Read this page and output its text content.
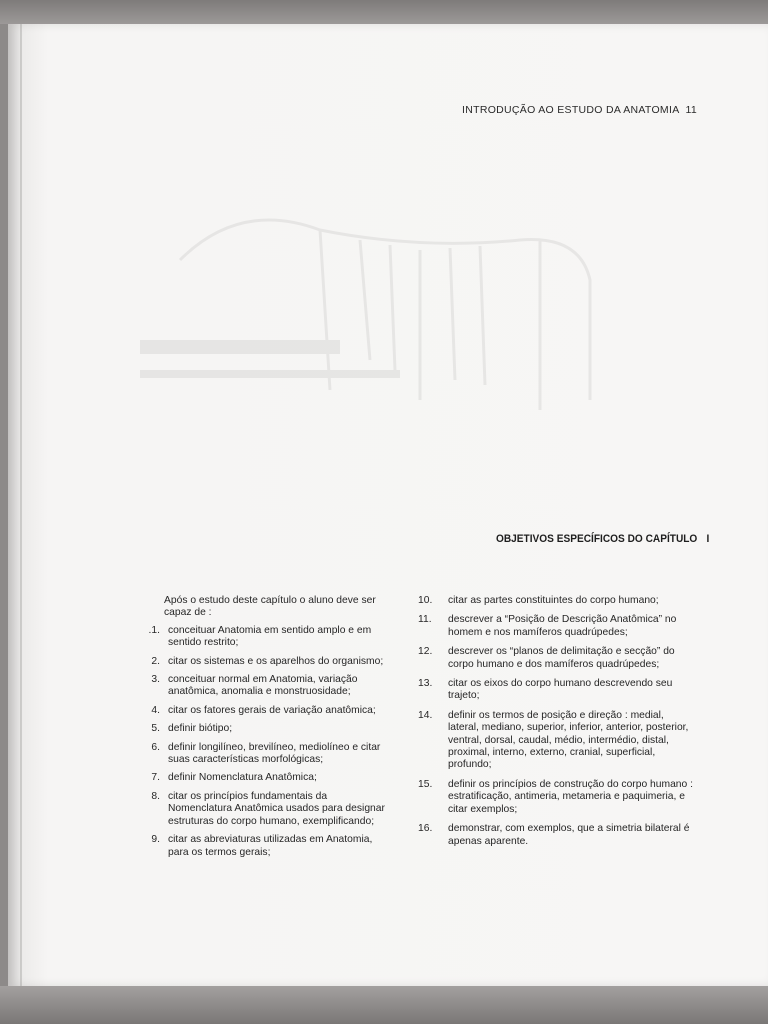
INTRODUÇÃO AO ESTUDO DA ANATOMIA 11
OBJETIVOS ESPECÍFICOS DO CAPÍTULO I
Após o estudo deste capítulo o aluno deve ser capaz de :
.1. conceituar Anatomia em sentido amplo e em sentido restrito;
2. citar os sistemas e os aparelhos do organismo;
3. conceituar normal em Anatomia, variação anatômica, anomalia e monstruosidade;
4. citar os fatores gerais de variação anatômica;
5. definir biótipo;
6. definir longilíneo, brevilíneo, mediolíneo e citar suas características morfológicas;
7. definir Nomenclatura Anatômica;
8. citar os princípios fundamentais da Nomenclatura Anatômica usados para designar estruturas do corpo humano, exemplificando;
9. citar as abreviaturas utilizadas em Anatomia, para os termos gerais;
10. citar as partes constituintes do corpo humano;
11. descrever a “Posição de Descrição Anatômica” no homem e nos mamíferos quadrúpedes;
12. descrever os “planos de delimitação e secção” do corpo humano e dos mamíferos quadrúpedes;
13. citar os eixos do corpo humano descrevendo seu trajeto;
14. definir os termos de posição e direção : medial, lateral, mediano, superior, inferior, anterior, posterior, ventral, dorsal, caudal, médio, intermédio, distal, proximal, interno, externo, cranial, superficial, profundo;
15. definir os princípios de construção do corpo humano : estratificação, antimeria, metameria e paquimeria, e citar exemplos;
16. demonstrar, com exemplos, que a simetria bilateral é apenas aparente.
